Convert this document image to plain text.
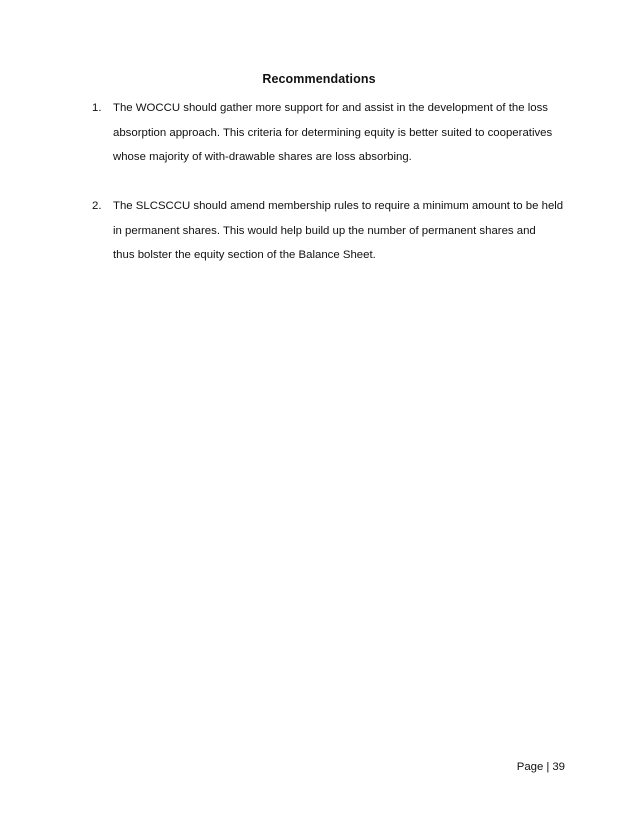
Recommendations
1. The WOCCU should gather more support for and assist in the development of the loss
absorption approach. This criteria for determining equity is better suited to cooperatives
whose majority of with-drawable shares are loss absorbing.
2. The SLCSCCU should amend membership rules to require a minimum amount to be held
in permanent shares. This would help build up the number of permanent shares and
thus bolster the equity section of the Balance Sheet.
Page | 39
